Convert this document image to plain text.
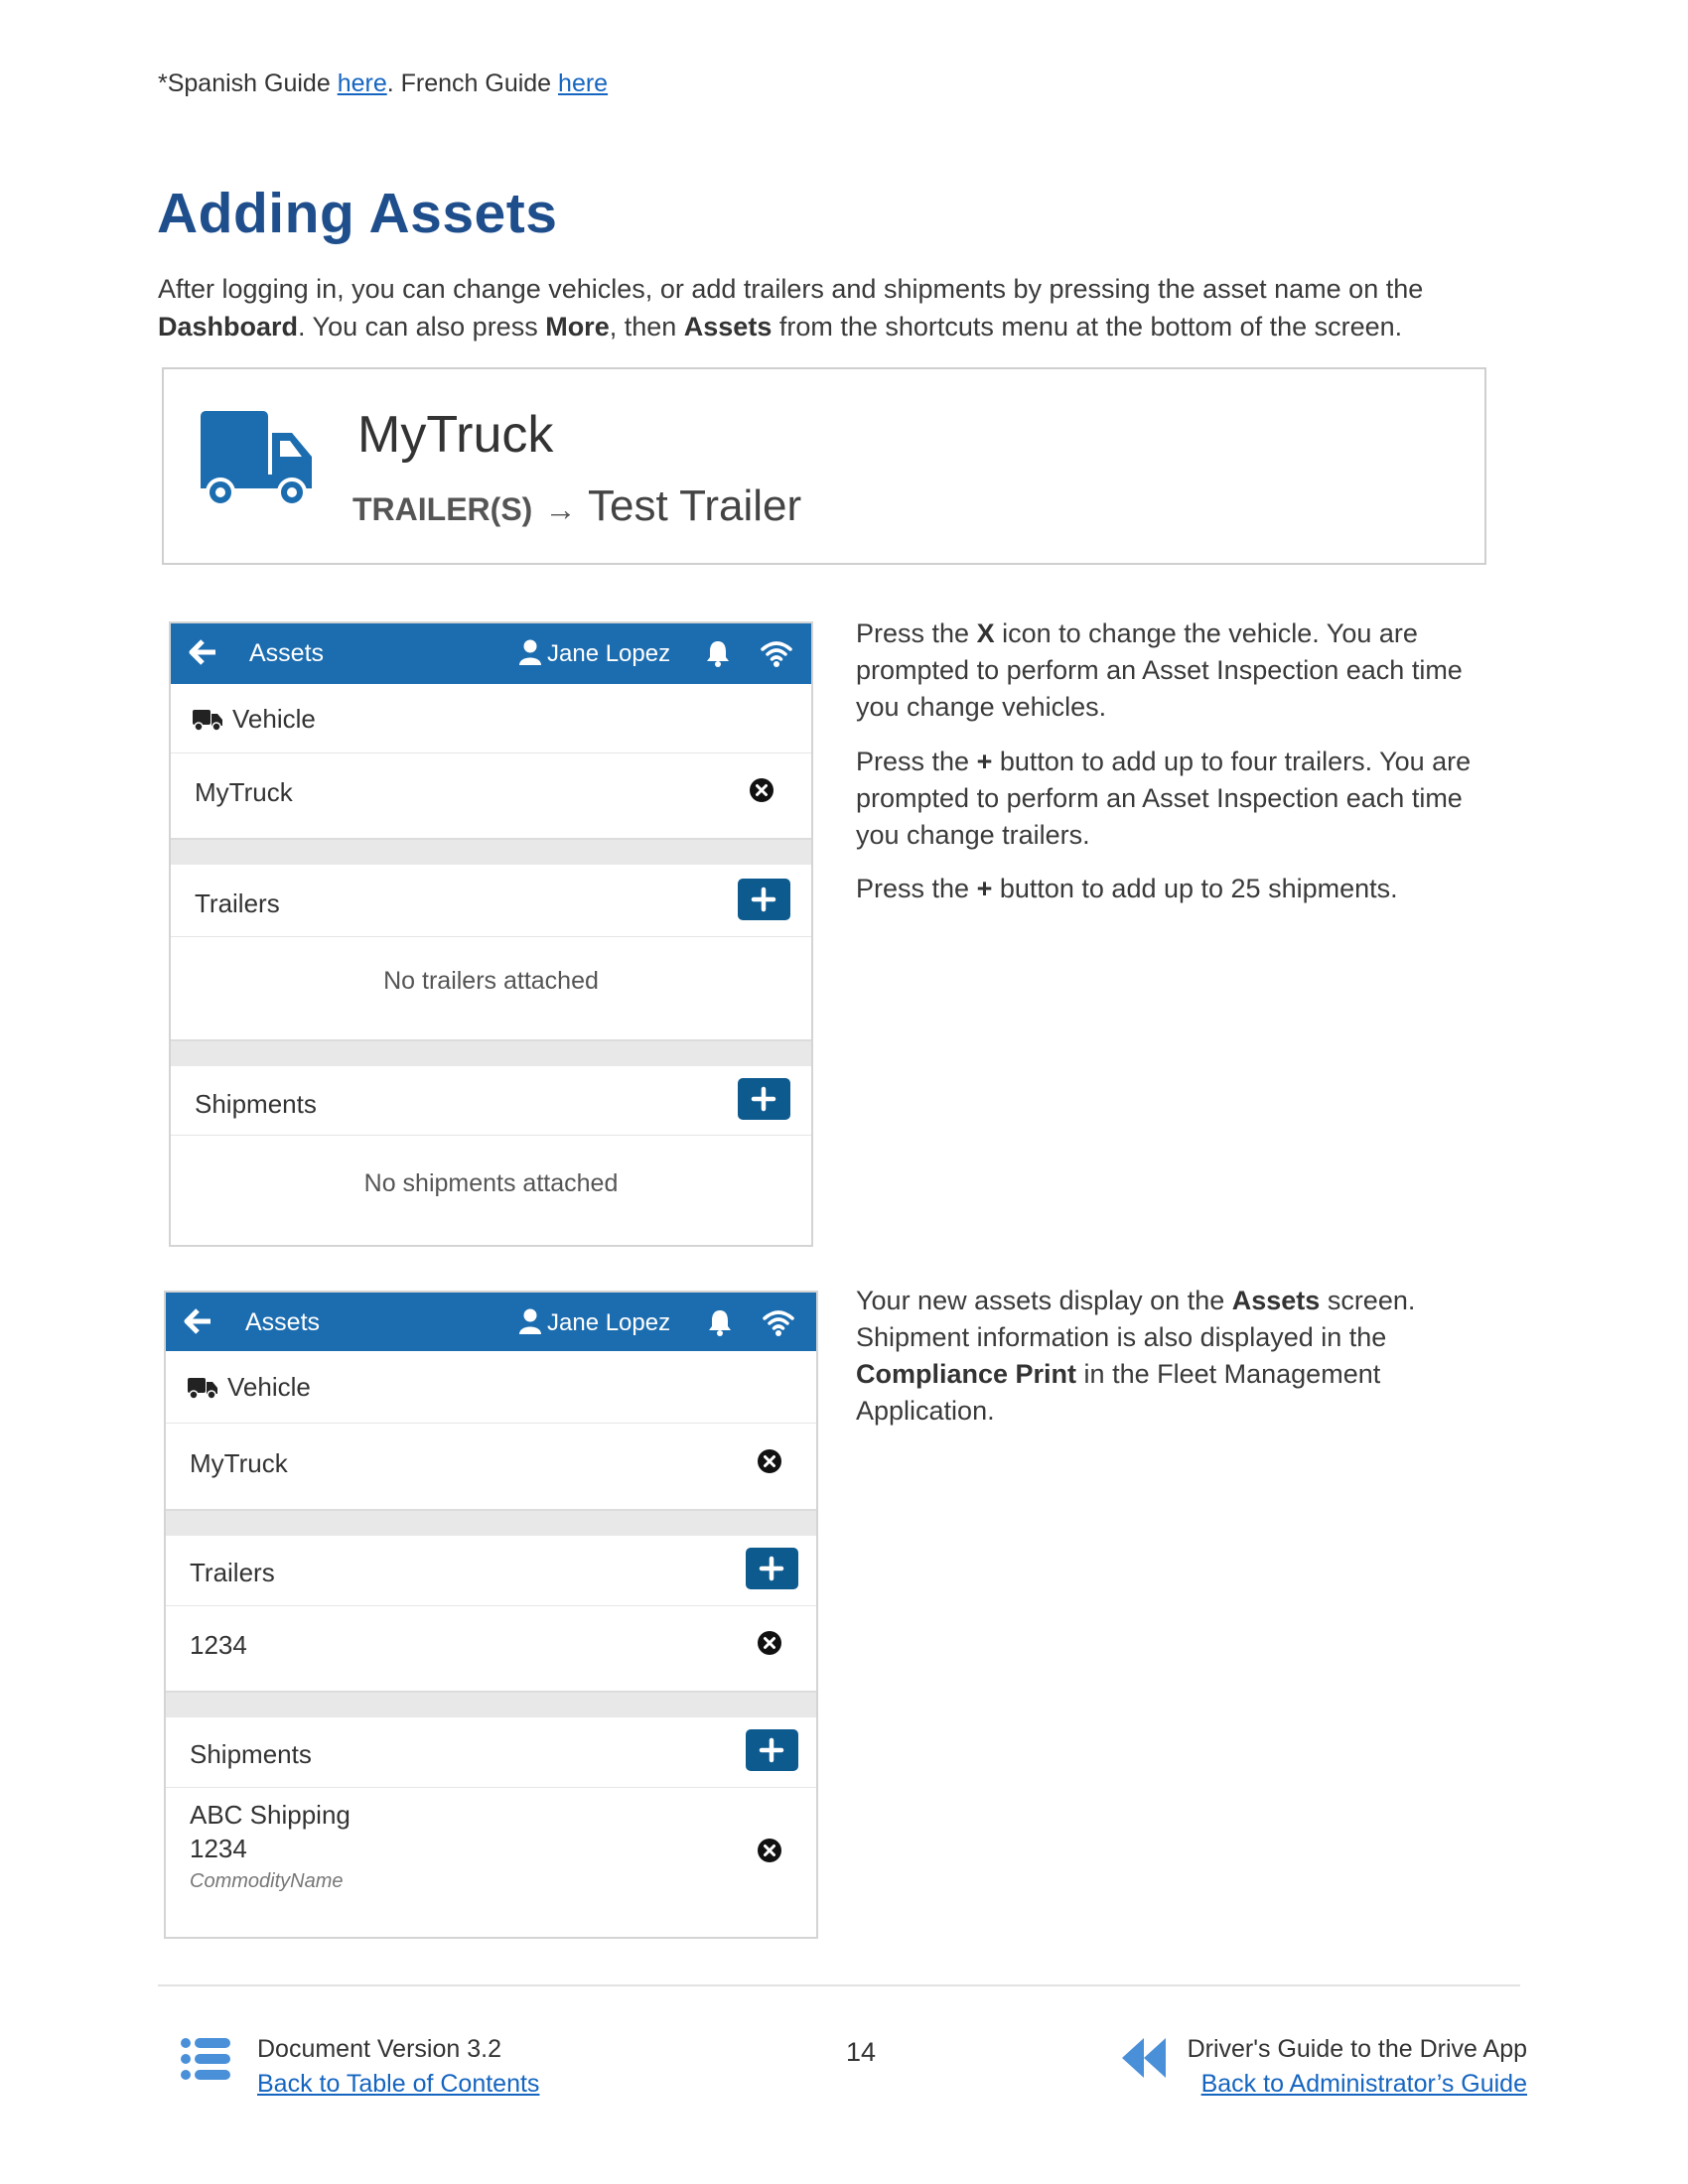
*Spanish Guide here. French Guide here
Adding Assets

After logging in, you can change vehicles, or add trailers and shipments by pressing the asset name on the Dashboard. You can also press More, then Assets from the shortcuts menu at the bottom of the screen.

MyTruck
TRAILER(S) → Test Trailer
Assets	Jane Lopez
Vehicle
MyTruck
Trailers
No trailers attached
Shipments
No shipments attached
Press the X icon to change the vehicle. You are prompted to perform an Asset Inspection each time you change vehicles.
Press the + button to add up to four trailers. You are prompted to perform an Asset Inspection each time you change trailers.
Press the + button to add up to 25 shipments.
Assets	Jane Lopez
Vehicle
MyTruck
Trailers
1234
Shipments
ABC Shipping
1234
CommodityName
Your new assets display on the Assets screen. Shipment information is also displayed in the Compliance Print in the Fleet Management Application.
Document Version 3.2
Back to Table of Contents
14	Driver's Guide to the Drive App
Back to Administrator’s Guide
